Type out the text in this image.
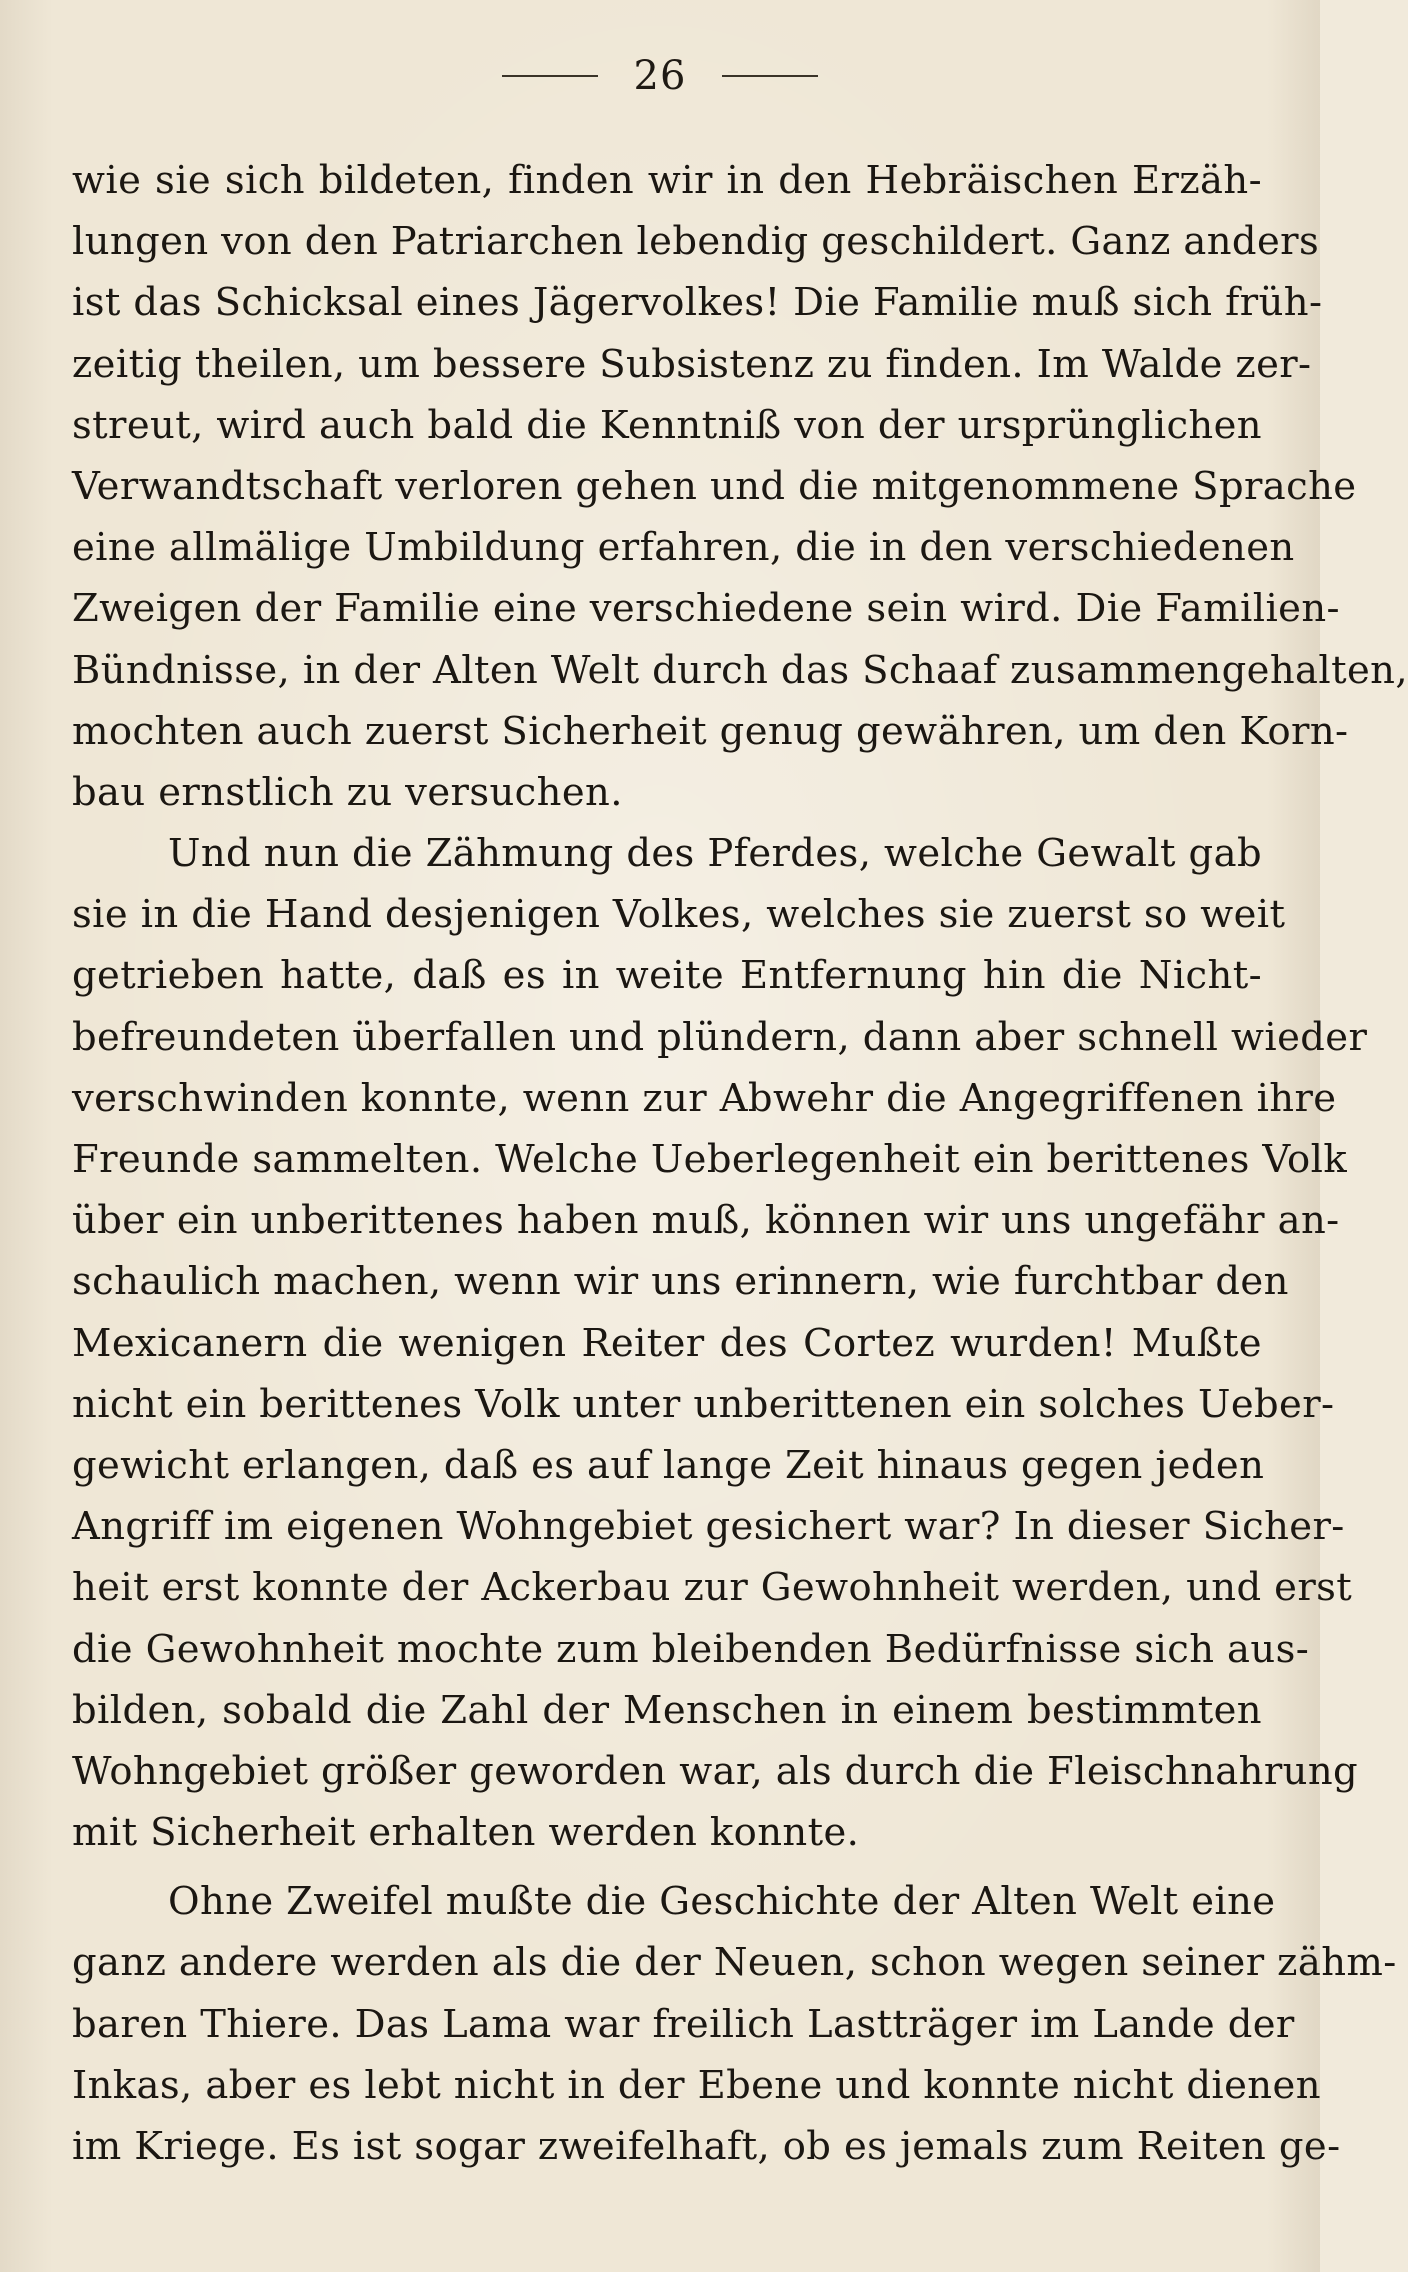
26
wie sie sich bildeten, finden wir in den Hebräischen Erzäh-
lungen von den Patriarchen lebendig geschildert. Ganz anders
ist das Schicksal eines Jägervolkes! Die Familie muß sich früh-
zeitig theilen, um bessere Subsistenz zu finden. Im Walde zer-
streut, wird auch bald die Kenntniß von der ursprünglichen
Verwandtschaft verloren gehen und die mitgenommene Sprache
eine allmälige Umbildung erfahren, die in den verschiedenen
Zweigen der Familie eine verschiedene sein wird. Die Familien-
Bündnisse, in der Alten Welt durch das Schaaf zusammengehalten,
mochten auch zuerst Sicherheit genug gewähren, um den Korn-
bau ernstlich zu versuchen.
Und nun die Zähmung des Pferdes, welche Gewalt gab
sie in die Hand desjenigen Volkes, welches sie zuerst so weit
getrieben hatte, daß es in weite Entfernung hin die Nicht-
befreundeten überfallen und plündern, dann aber schnell wieder
verschwinden konnte, wenn zur Abwehr die Angegriffenen ihre
Freunde sammelten. Welche Ueberlegenheit ein berittenes Volk
über ein unberittenes haben muß, können wir uns ungefähr an-
schaulich machen, wenn wir uns erinnern, wie furchtbar den
Mexicanern die wenigen Reiter des Cortez wurden! Mußte
nicht ein berittenes Volk unter unberittenen ein solches Ueber-
gewicht erlangen, daß es auf lange Zeit hinaus gegen jeden
Angriff im eigenen Wohngebiet gesichert war? In dieser Sicher-
heit erst konnte der Ackerbau zur Gewohnheit werden, und erst
die Gewohnheit mochte zum bleibenden Bedürfnisse sich aus-
bilden, sobald die Zahl der Menschen in einem bestimmten
Wohngebiet größer geworden war, als durch die Fleischnahrung
mit Sicherheit erhalten werden konnte.
Ohne Zweifel mußte die Geschichte der Alten Welt eine
ganz andere werden als die der Neuen, schon wegen seiner zähm-
baren Thiere. Das Lama war freilich Lastträger im Lande der
Inkas, aber es lebt nicht in der Ebene und konnte nicht dienen
im Kriege. Es ist sogar zweifelhaft, ob es jemals zum Reiten ge-
